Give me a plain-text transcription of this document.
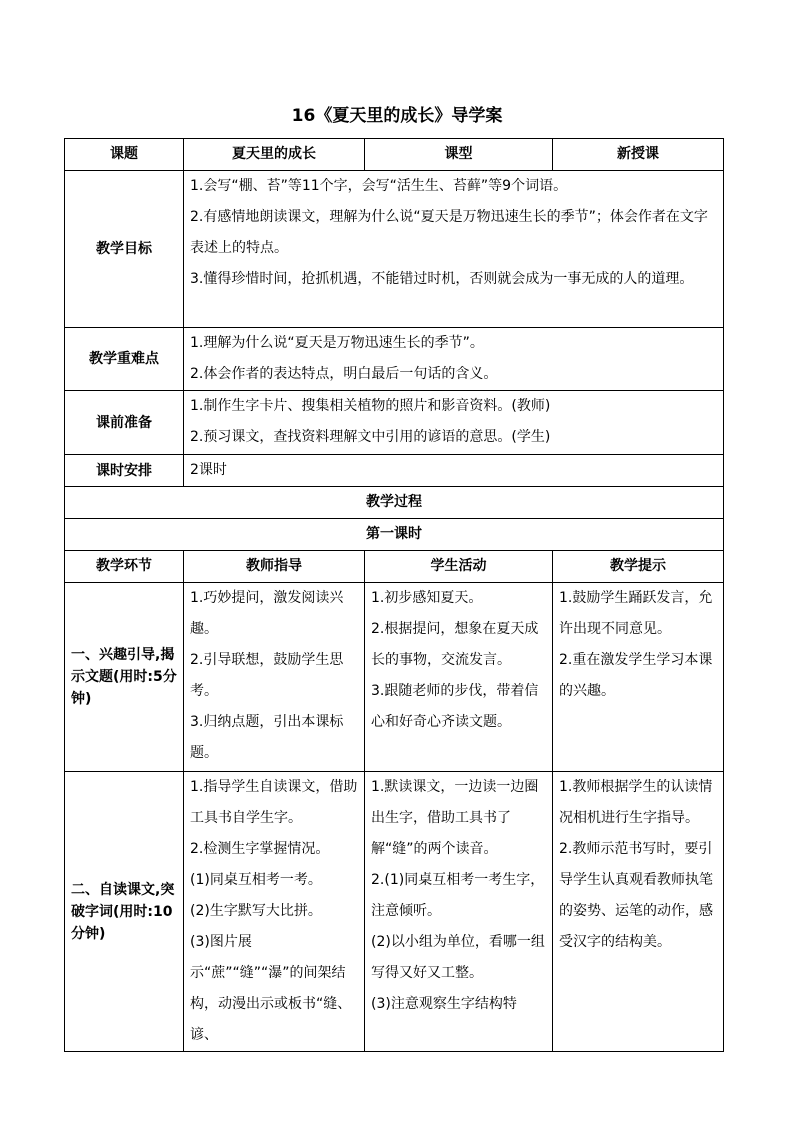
16《夏天里的成长》导学案
课题	夏天里的成长	课型	新授课
教学目标	1.会写“棚、苔”等11个字，会写“活生生、苔藓”等9个词语。
2.有感情地朗读课文，理解为什么说“夏天是万物迅速生长的季节”；体会作者在文字表述上的特点。
3.懂得珍惜时间，抢抓机遇，不能错过时机，否则就会成为一事无成的人的道理。		

教学重难点	1.理解为什么说“夏天是万物迅速生长的季节”。
2.体会作者的表达特点，明白最后一句话的含义。		

课前准备	1.制作生字卡片、搜集相关植物的照片和影音资料。(教师)
2.预习课文，查找资料理解文中引用的谚语的意思。(学生)		

课时安排	2课时		
教学过程			
第一课时			
教学环节	教师指导	学生活动	教学提示
一、兴趣引导,揭示文题(用时:5分钟)	1.巧妙提问，激发阅读兴趣。
2.引导联想，鼓励学生思考。
3.归纳点题，引出本课标题。	1.初步感知夏天。
2.根据提问，想象在夏天成长的事物，交流发言。
3.跟随老师的步伐，带着信心和好奇心齐读文题。	1.鼓励学生踊跃发言，允许出现不同意见。
2.重在激发学生学习本课的兴趣。

二、自读课文,突破字词(用时:10分钟)	1.指导学生自读课文，借助工具书自学生字。
2.检测生字掌握情况。
(1)同桌互相考一考。
(2)生字默写大比拼。
(3)图片展示“蔗”“缝”“瀑”的间架结构，动漫出示或板书“缝、谚、	1.默读课文，一边读一边圈出生字，借助工具书了解“缝”的两个读音。
2.(1)同桌互相考一考生字，注意倾听。
(2)以小组为单位，看哪一组写得又好又工整。
(3)注意观察生字结构特	1.教师根据学生的认读情况相机进行生字指导。
2.教师示范书写时，要引导学生认真观看教师执笔的姿势、运笔的动作，感受汉字的结构美。
